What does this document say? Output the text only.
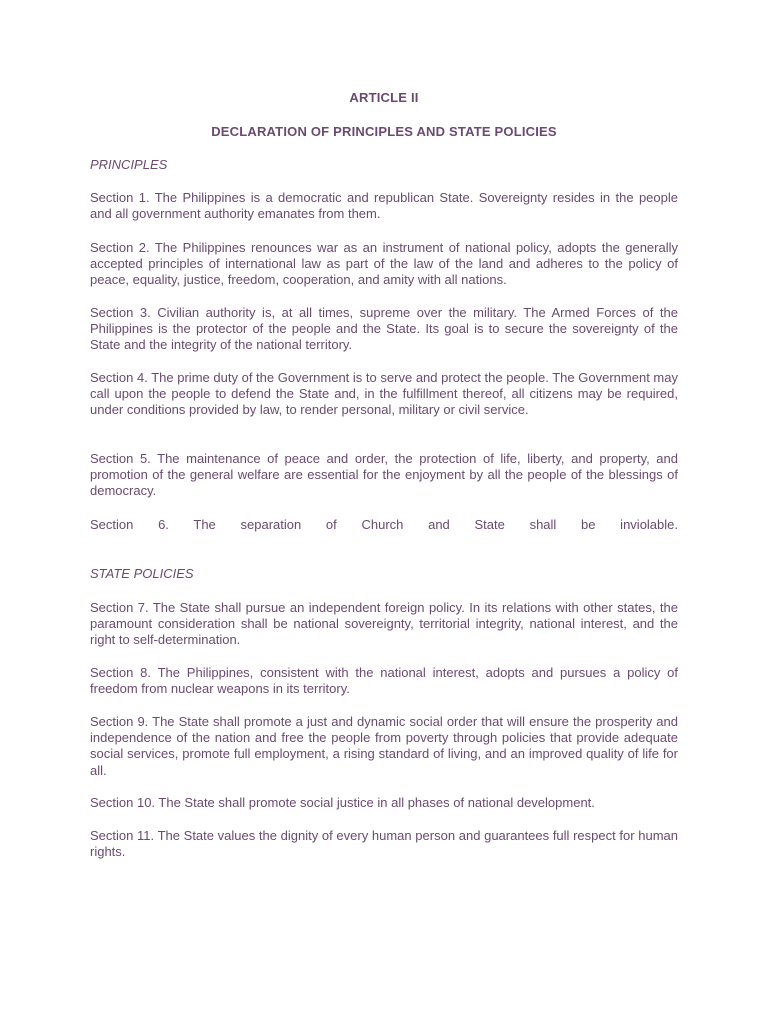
ARTICLE II
DECLARATION OF PRINCIPLES AND STATE POLICIES
PRINCIPLES
Section 1. The Philippines is a democratic and republican State. Sovereignty resides in the people and all government authority emanates from them.
Section 2. The Philippines renounces war as an instrument of national policy, adopts the generally accepted principles of international law as part of the law of the land and adheres to the policy of peace, equality, justice, freedom, cooperation, and amity with all nations.
Section 3. Civilian authority is, at all times, supreme over the military. The Armed Forces of the Philippines is the protector of the people and the State. Its goal is to secure the sovereignty of the State and the integrity of the national territory.
Section 4. The prime duty of the Government is to serve and protect the people. The Government may call upon the people to defend the State and, in the fulfillment thereof, all citizens may be required, under conditions provided by law, to render personal, military or civil service.
Section 5. The maintenance of peace and order, the protection of life, liberty, and property, and promotion of the general welfare are essential for the enjoyment by all the people of the blessings of democracy.
Section 6. The separation of Church and State shall be inviolable.
STATE POLICIES
Section 7. The State shall pursue an independent foreign policy. In its relations with other states, the paramount consideration shall be national sovereignty, territorial integrity, national interest, and the right to self-determination.
Section 8. The Philippines, consistent with the national interest, adopts and pursues a policy of freedom from nuclear weapons in its territory.
Section 9. The State shall promote a just and dynamic social order that will ensure the prosperity and independence of the nation and free the people from poverty through policies that provide adequate social services, promote full employment, a rising standard of living, and an improved quality of life for all.
Section 10. The State shall promote social justice in all phases of national development.
Section 11. The State values the dignity of every human person and guarantees full respect for human rights.
